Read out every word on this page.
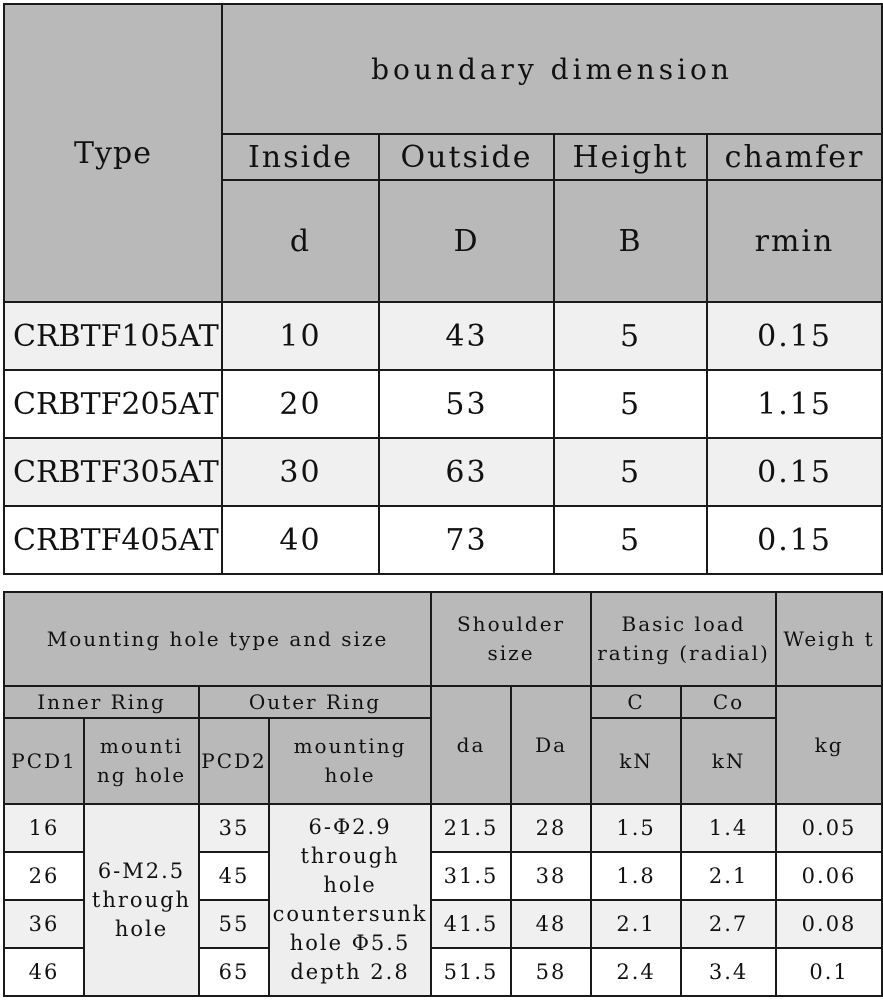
Type	boundary dimension			
	Inside	Outside	Height	chamfer
	d	D	B	rmin
CRBTF105AT	10	43	5	0.15
CRBTF205AT	20	53	5	1.15
CRBTF305AT	30	63	5	0.15
CRBTF405AT	40	73	5	0.15
Mounting hole type and size				Shoulder size		Basic load rating (radial)		Weigh t
Inner Ring		Outer Ring		da	Da	C	Co	kg
PCD1	mounti ng hole	PCD2	mounting hole			kN	kN	
16	6-M2.5 through hole	35	6-Φ2.9 through hole countersunk hole Φ5.5 depth 2.8	21.5	28	1.5	1.4	0.05
26		45		31.5	38	1.8	2.1	0.06
36		55		41.5	48	2.1	2.7	0.08
46		65		51.5	58	2.4	3.4	0.1
